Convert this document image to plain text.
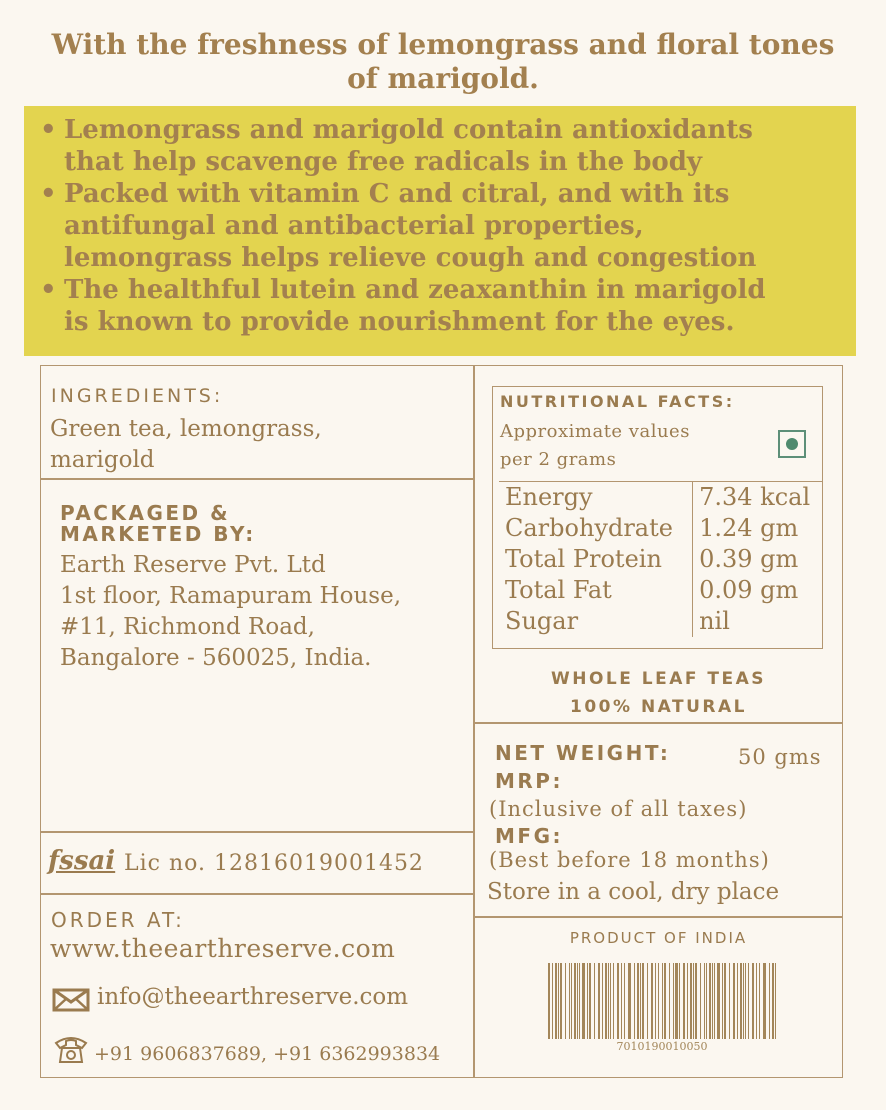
With the freshness of lemongrass and floral tones
of marigold.
• Lemongrass and marigold contain antioxidants
that help scavenge free radicals in the body
• Packed with vitamin C and citral, and with its
antifungal and antibacterial properties,
lemongrass helps relieve cough and congestion
• The healthful lutein and zeaxanthin in marigold
is known to provide nourishment for the eyes.
INGREDIENTS:
Green tea, lemongrass,
marigold
PACKAGED &
MARKETED BY:
Earth Reserve Pvt. Ltd
1st floor, Ramapuram House,
#11, Richmond Road,
Bangalore - 560025, India.
fssai Lic no. 12816019001452
ORDER AT:
www.theearthreserve.com
info@theearthreserve.com
+91 9606837689, +91 6362993834
NUTRITIONAL FACTS:
Approximate values
per 2 grams
Energy	7.34 kcal
Carbohydrate	1.24 gm
Total Protein	0.39 gm
Total Fat	0.09 gm
Sugar	nil
WHOLE LEAF TEAS
100% NATURAL
NET WEIGHT:	50 gms
MRP:
(Inclusive of all taxes)
MFG:
(Best before 18 months)
Store in a cool, dry place
PRODUCT OF INDIA
7010190010050
